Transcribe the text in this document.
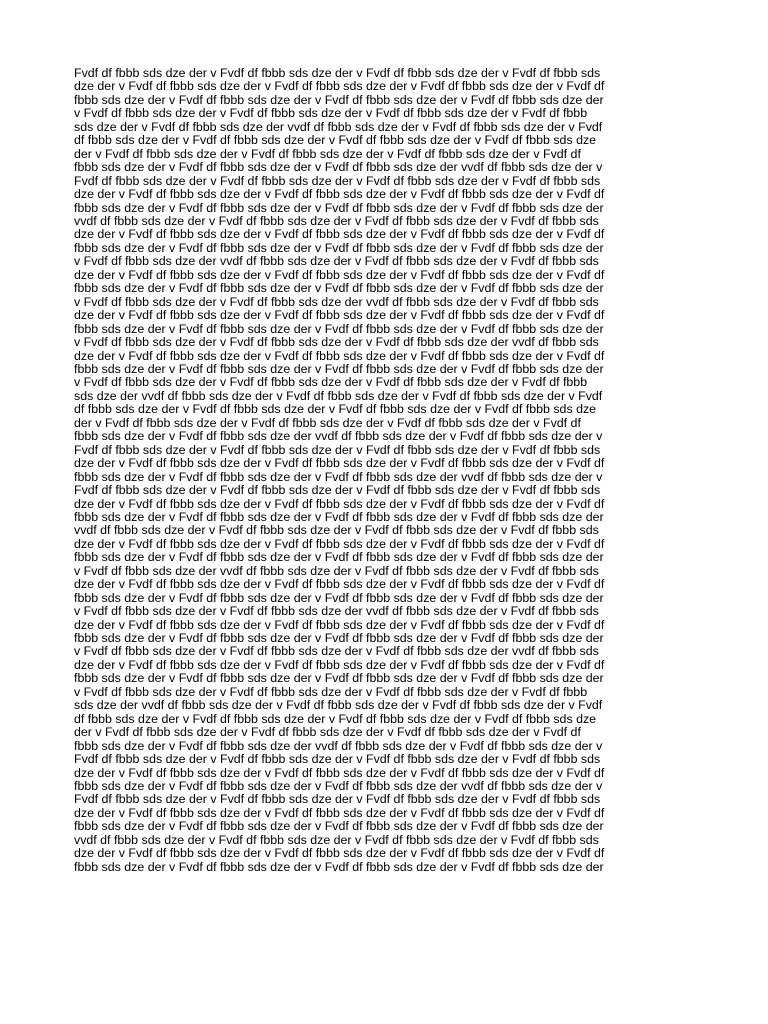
Fvdf df fbbb sds dze der v Fvdf df fbbb sds dze der v Fvdf df fbbb sds dze der v Fvdf df fbbb sds
dze der v Fvdf df fbbb sds dze der v Fvdf df fbbb sds dze der v Fvdf df fbbb sds dze der v Fvdf df
fbbb sds dze der v Fvdf df fbbb sds dze der v Fvdf df fbbb sds dze der v Fvdf df fbbb sds dze der
v Fvdf df fbbb sds dze der v Fvdf df fbbb sds dze der v Fvdf df fbbb sds dze der v Fvdf df fbbb
sds dze der v Fvdf df fbbb sds dze der vvdf df fbbb sds dze der v Fvdf df fbbb sds dze der v Fvdf
df fbbb sds dze der v Fvdf df fbbb sds dze der v Fvdf df fbbb sds dze der v Fvdf df fbbb sds dze
der v Fvdf df fbbb sds dze der v Fvdf df fbbb sds dze der v Fvdf df fbbb sds dze der v Fvdf df
fbbb sds dze der v Fvdf df fbbb sds dze der v Fvdf df fbbb sds dze der vvdf df fbbb sds dze der v
Fvdf df fbbb sds dze der v Fvdf df fbbb sds dze der v Fvdf df fbbb sds dze der v Fvdf df fbbb sds
dze der v Fvdf df fbbb sds dze der v Fvdf df fbbb sds dze der v Fvdf df fbbb sds dze der v Fvdf df
fbbb sds dze der v Fvdf df fbbb sds dze der v Fvdf df fbbb sds dze der v Fvdf df fbbb sds dze der
vvdf df fbbb sds dze der v Fvdf df fbbb sds dze der v Fvdf df fbbb sds dze der v Fvdf df fbbb sds
dze der v Fvdf df fbbb sds dze der v Fvdf df fbbb sds dze der v Fvdf df fbbb sds dze der v Fvdf df
fbbb sds dze der v Fvdf df fbbb sds dze der v Fvdf df fbbb sds dze der v Fvdf df fbbb sds dze der
v Fvdf df fbbb sds dze der vvdf df fbbb sds dze der v Fvdf df fbbb sds dze der v Fvdf df fbbb sds
dze der v Fvdf df fbbb sds dze der v Fvdf df fbbb sds dze der v Fvdf df fbbb sds dze der v Fvdf df
fbbb sds dze der v Fvdf df fbbb sds dze der v Fvdf df fbbb sds dze der v Fvdf df fbbb sds dze der
v Fvdf df fbbb sds dze der v Fvdf df fbbb sds dze der vvdf df fbbb sds dze der v Fvdf df fbbb sds
dze der v Fvdf df fbbb sds dze der v Fvdf df fbbb sds dze der v Fvdf df fbbb sds dze der v Fvdf df
fbbb sds dze der v Fvdf df fbbb sds dze der v Fvdf df fbbb sds dze der v Fvdf df fbbb sds dze der
v Fvdf df fbbb sds dze der v Fvdf df fbbb sds dze der v Fvdf df fbbb sds dze der vvdf df fbbb sds
dze der v Fvdf df fbbb sds dze der v Fvdf df fbbb sds dze der v Fvdf df fbbb sds dze der v Fvdf df
fbbb sds dze der v Fvdf df fbbb sds dze der v Fvdf df fbbb sds dze der v Fvdf df fbbb sds dze der
v Fvdf df fbbb sds dze der v Fvdf df fbbb sds dze der v Fvdf df fbbb sds dze der v Fvdf df fbbb
sds dze der vvdf df fbbb sds dze der v Fvdf df fbbb sds dze der v Fvdf df fbbb sds dze der v Fvdf
df fbbb sds dze der v Fvdf df fbbb sds dze der v Fvdf df fbbb sds dze der v Fvdf df fbbb sds dze
der v Fvdf df fbbb sds dze der v Fvdf df fbbb sds dze der v Fvdf df fbbb sds dze der v Fvdf df
fbbb sds dze der v Fvdf df fbbb sds dze der vvdf df fbbb sds dze der v Fvdf df fbbb sds dze der v
Fvdf df fbbb sds dze der v Fvdf df fbbb sds dze der v Fvdf df fbbb sds dze der v Fvdf df fbbb sds
dze der v Fvdf df fbbb sds dze der v Fvdf df fbbb sds dze der v Fvdf df fbbb sds dze der v Fvdf df
fbbb sds dze der v Fvdf df fbbb sds dze der v Fvdf df fbbb sds dze der vvdf df fbbb sds dze der v
Fvdf df fbbb sds dze der v Fvdf df fbbb sds dze der v Fvdf df fbbb sds dze der v Fvdf df fbbb sds
dze der v Fvdf df fbbb sds dze der v Fvdf df fbbb sds dze der v Fvdf df fbbb sds dze der v Fvdf df
fbbb sds dze der v Fvdf df fbbb sds dze der v Fvdf df fbbb sds dze der v Fvdf df fbbb sds dze der
vvdf df fbbb sds dze der v Fvdf df fbbb sds dze der v Fvdf df fbbb sds dze der v Fvdf df fbbb sds
dze der v Fvdf df fbbb sds dze der v Fvdf df fbbb sds dze der v Fvdf df fbbb sds dze der v Fvdf df
fbbb sds dze der v Fvdf df fbbb sds dze der v Fvdf df fbbb sds dze der v Fvdf df fbbb sds dze der
v Fvdf df fbbb sds dze der vvdf df fbbb sds dze der v Fvdf df fbbb sds dze der v Fvdf df fbbb sds
dze der v Fvdf df fbbb sds dze der v Fvdf df fbbb sds dze der v Fvdf df fbbb sds dze der v Fvdf df
fbbb sds dze der v Fvdf df fbbb sds dze der v Fvdf df fbbb sds dze der v Fvdf df fbbb sds dze der
v Fvdf df fbbb sds dze der v Fvdf df fbbb sds dze der vvdf df fbbb sds dze der v Fvdf df fbbb sds
dze der v Fvdf df fbbb sds dze der v Fvdf df fbbb sds dze der v Fvdf df fbbb sds dze der v Fvdf df
fbbb sds dze der v Fvdf df fbbb sds dze der v Fvdf df fbbb sds dze der v Fvdf df fbbb sds dze der
v Fvdf df fbbb sds dze der v Fvdf df fbbb sds dze der v Fvdf df fbbb sds dze der vvdf df fbbb sds
dze der v Fvdf df fbbb sds dze der v Fvdf df fbbb sds dze der v Fvdf df fbbb sds dze der v Fvdf df
fbbb sds dze der v Fvdf df fbbb sds dze der v Fvdf df fbbb sds dze der v Fvdf df fbbb sds dze der
v Fvdf df fbbb sds dze der v Fvdf df fbbb sds dze der v Fvdf df fbbb sds dze der v Fvdf df fbbb
sds dze der vvdf df fbbb sds dze der v Fvdf df fbbb sds dze der v Fvdf df fbbb sds dze der v Fvdf
df fbbb sds dze der v Fvdf df fbbb sds dze der v Fvdf df fbbb sds dze der v Fvdf df fbbb sds dze
der v Fvdf df fbbb sds dze der v Fvdf df fbbb sds dze der v Fvdf df fbbb sds dze der v Fvdf df
fbbb sds dze der v Fvdf df fbbb sds dze der vvdf df fbbb sds dze der v Fvdf df fbbb sds dze der v
Fvdf df fbbb sds dze der v Fvdf df fbbb sds dze der v Fvdf df fbbb sds dze der v Fvdf df fbbb sds
dze der v Fvdf df fbbb sds dze der v Fvdf df fbbb sds dze der v Fvdf df fbbb sds dze der v Fvdf df
fbbb sds dze der v Fvdf df fbbb sds dze der v Fvdf df fbbb sds dze der vvdf df fbbb sds dze der v
Fvdf df fbbb sds dze der v Fvdf df fbbb sds dze der v Fvdf df fbbb sds dze der v Fvdf df fbbb sds
dze der v Fvdf df fbbb sds dze der v Fvdf df fbbb sds dze der v Fvdf df fbbb sds dze der v Fvdf df
fbbb sds dze der v Fvdf df fbbb sds dze der v Fvdf df fbbb sds dze der v Fvdf df fbbb sds dze der
vvdf df fbbb sds dze der v Fvdf df fbbb sds dze der v Fvdf df fbbb sds dze der v Fvdf df fbbb sds
dze der v Fvdf df fbbb sds dze der v Fvdf df fbbb sds dze der v Fvdf df fbbb sds dze der v Fvdf df
fbbb sds dze der v Fvdf df fbbb sds dze der v Fvdf df fbbb sds dze der v Fvdf df fbbb sds dze der
